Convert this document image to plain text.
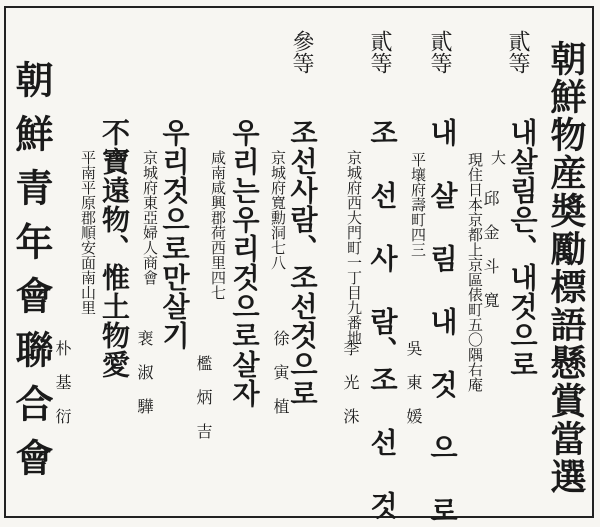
朝鮮物産奬勵標語懸賞當選
貳等
내살림은、내것으로
大
現住日本京都上京區俵町五〇隅右庵
邱金斗寬
貳等
내 살 림 내 것 으 로
平壤府壽町四三
吳東媛
貳等
조 선 사 람、조 선 것
京城府西大門町一丁目九番地
李光洙
參等
조선사람、조선것으로
京城府寬勳洞七八
徐寅植
우리는우리것으로살자
咸南咸興郡荷西里四七
檻炳吉
우리것으로만살기
京城府東亞婦人商會
裵淑驊
不寶遠物、惟土物愛
平南平原郡順安面南山里
朴基衍
朝鮮青年會聯合會
